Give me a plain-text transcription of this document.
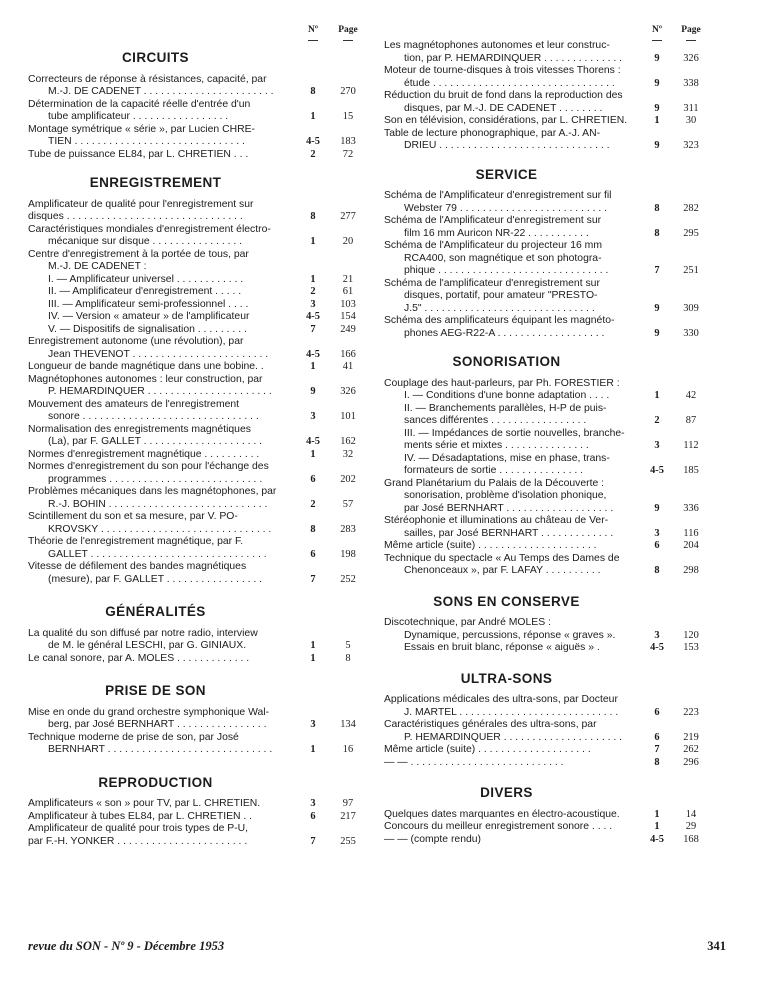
Nº	Page
CIRCUITS
Correcteurs de réponse à résistances, capacité, par
M.-J. DE CADENET . . . . . . . . . . . . . . . . . . . . . . .	8	270
Détermination de la capacité réelle d'entrée d'un
tube amplificateur . . . . . . . . . . . . . . . . .	1	15
Montage symétrique « série », par Lucien CHRE-
TIEN . . . . . . . . . . . . . . . . . . . . . . . . . . . . . .	4-5	183
Tube de puissance EL84, par L. CHRETIEN . . .	2	72
ENREGISTREMENT
Amplificateur de qualité pour l'enregistrement sur
disques . . . . . . . . . . . . . . . . . . . . . . . . . . . . . . .	8	277
Caractéristiques mondiales d'enregistrement électro-
mécanique sur disque . . . . . . . . . . . . . . . .	1	20
Centre d'enregistrement à la portée de tous, par
M.-J. DE CADENET :
I. — Amplificateur universel . . . . . . . . . . . .	1	21
II. — Amplificateur d'enregistrement . . . . .	2	61
III. — Amplificateur semi-professionnel . . . .	3	103
IV. — Version « amateur » de l'amplificateur	4-5	154
V. — Dispositifs de signalisation . . . . . . . . .	7	249
Enregistrement autonome (une révolution), par
Jean THEVENOT . . . . . . . . . . . . . . . . . . . . . . . .	4-5	166
Longueur de bande magnétique dans une bobine. .	1	41
Magnétophones autonomes : leur construction, par
P. HEMARDINQUER . . . . . . . . . . . . . . . . . . . . . .	9	326
Mouvement des amateurs de l'enregistrement
sonore . . . . . . . . . . . . . . . . . . . . . . . . . . . . . . .	3	101
Normalisation des enregistrements magnétiques
(La), par F. GALLET . . . . . . . . . . . . . . . . . . . . .	4-5	162
Normes d'enregistrement magnétique . . . . . . . . . .	1	32
Normes d'enregistrement du son pour l'échange des
programmes . . . . . . . . . . . . . . . . . . . . . . . . . . .	6	202
Problèmes mécaniques dans les magnétophones, par
R.-J. BOHIN . . . . . . . . . . . . . . . . . . . . . . . . . . . .	2	57
Scintillement du son et sa mesure, par V. PO-
KROVSKY . . . . . . . . . . . . . . . . . . . . . . . . . . . . . .	8	283
Théorie de l'enregistrement magnétique, par F.
GALLET . . . . . . . . . . . . . . . . . . . . . . . . . . . . . . .	6	198
Vitesse de défilement des bandes magnétiques
(mesure), par F. GALLET . . . . . . . . . . . . . . . . .	7	252
GÉNÉRALITÉS
La qualité du son diffusé par notre radio, interview
de M. le général LESCHI, par G. GINIAUX.	1	5
Le canal sonore, par A. MOLES . . . . . . . . . . . . .	1	8
PRISE DE SON
Mise en onde du grand orchestre symphonique Wal-
berg, par José BERNHART . . . . . . . . . . . . . . . .	3	134
Technique moderne de prise de son, par José
BERNHART . . . . . . . . . . . . . . . . . . . . . . . . . . . . .	1	16
REPRODUCTION
Amplificateurs « son » pour TV, par L. CHRETIEN.	3	97
Amplificateur à tubes EL84, par L. CHRETIEN . .	6	217
Amplificateur de qualité pour trois types de P-U,
par F.-H. YONKER . . . . . . . . . . . . . . . . . . . . . . .	7	255
Nº	Page
Les magnétophones autonomes et leur construc-
tion, par P. HEMARDINQUER . . . . . . . . . . . . . .	9	326
Moteur de tourne-disques à trois vitesses Thorens :
étude . . . . . . . . . . . . . . . . . . . . . . . . . . . . . . . .	9	338
Réduction du bruit de fond dans la reproduction des
disques, par M.-J. DE CADENET . . . . . . . .	9	311
Son en télévision, considérations, par L. CHRETIEN.	1	30
Table de lecture phonographique, par A.-J. AN-
DRIEU . . . . . . . . . . . . . . . . . . . . . . . . . . . . . .	9	323
SERVICE
Schéma de l'Amplificateur d'enregistrement sur fil
Webster 79 . . . . . . . . . . . . . . . . . . . . . . . . . .	8	282
Schéma de l'Amplificateur d'enregistrement sur
film 16 mm Auricon NR-22 . . . . . . . . . . .	8	295
Schéma de l'Amplificateur du projecteur 16 mm
RCA400, son magnétique et son photogra-
phique . . . . . . . . . . . . . . . . . . . . . . . . . . . . . .	7	251
Schéma de l'amplificateur d'enregistrement sur
disques, portatif, pour amateur "PRESTO-
J.5" . . . . . . . . . . . . . . . . . . . . . . . . . . . . . .	9	309
Schéma des amplificateurs équipant les magnéto-
phones AEG-R22-A . . . . . . . . . . . . . . . . . . .	9	330
SONORISATION
Couplage des haut-parleurs, par Ph. FORESTIER :
I. — Conditions d'une bonne adaptation . . . .	1	42
II. — Branchements parallèles, H-P de puis-
sances différentes . . . . . . . . . . . . . . . . .	2	87
III. — Impédances de sortie nouvelles, branche-
ments série et mixtes . . . . . . . . . . . . . . .	3	112
IV. — Désadaptations, mise en phase, trans-
formateurs de sortie . . . . . . . . . . . . . . .	4-5	185
Grand Planétarium du Palais de la Découverte :
sonorisation, problème d'isolation phonique,
par José BERNHART . . . . . . . . . . . . . . . . . . .	9	336
Stéréophonie et illuminations au château de Ver-
sailles, par José BERNHART . . . . . . . . . . . . .	3	116
Même article (suite) . . . . . . . . . . . . . . . . . . . . .	6	204
Technique du spectacle « Au Temps des Dames de
Chenonceaux », par F. LAFAY . . . . . . . . . .	8	298
SONS EN CONSERVE
Discotechnique, par André MOLES :
Dynamique, percussions, réponse « graves ».	3	120
Essais en bruit blanc, réponse « aiguës » .	4-5	153
ULTRA-SONS
Applications médicales des ultra-sons, par Docteur
J. MARTEL . . . . . . . . . . . . . . . . . . . . . . . . . . . .	6	223
Caractéristiques générales des ultra-sons, par
P. HEMARDINQUER . . . . . . . . . . . . . . . . . . . . .	6	219
Même article (suite) . . . . . . . . . . . . . . . . . . . .	7	262
— — . . . . . . . . . . . . . . . . . . . . . . . . . . .	8	296
DIVERS
Quelques dates marquantes en électro-acoustique.	1	14
Concours du meilleur enregistrement sonore . . . .	1	29
— — (compte rendu)	4-5	168
revue du SON - Nº 9 - Décembre 1953	341
